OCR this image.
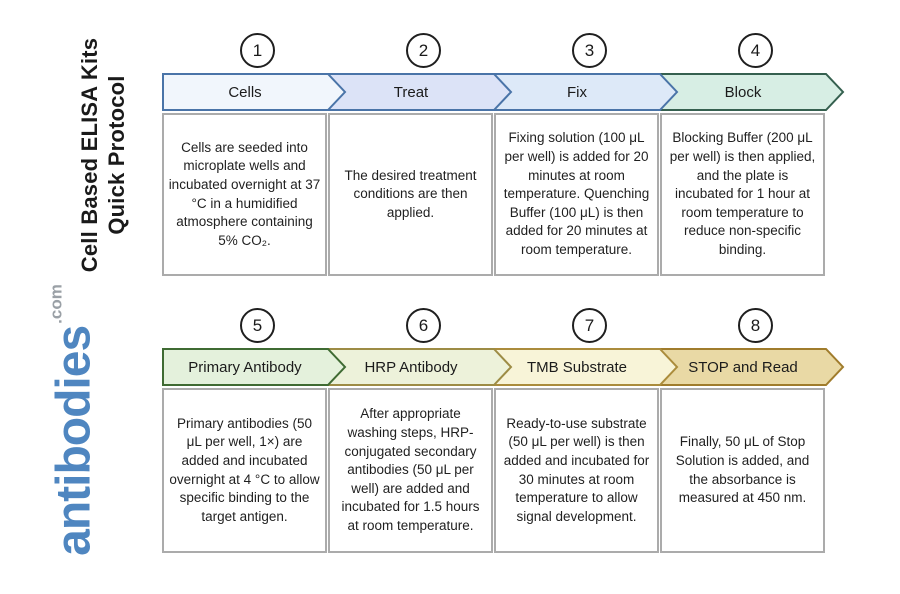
Cell Based ELISA Kits Quick Protocol
antibodies$^{.com}$
1
Cells

Cells are seeded into microplate wells and incubated overnight at 37 °C in a humidified atmosphere containing 5% CO₂.

2
Treat

The desired treatment conditions are then applied.

3
Fix

Fixing solution (100 μL per well) is added for 20 minutes at room temperature. Quenching Buffer (100 μL) is then added for 20 minutes at room temperature.

4
Block

Blocking Buffer (200 μL per well) is then applied, and the plate is incubated for 1 hour at room temperature to reduce non-specific binding.

5
Primary Antibody

Primary antibodies (50 μL per well, 1×) are added and incubated overnight at 4 °C to allow specific binding to the target antigen.

6
HRP Antibody

After appropriate washing steps, HRP-conjugated secondary antibodies (50 μL per well) are added and incubated for 1.5 hours at room temperature.

7
TMB Substrate

Ready-to-use substrate (50 μL per well) is then added and incubated for 30 minutes at room temperature to allow signal development.

8
STOP and Read

Finally, 50 μL of Stop Solution is added, and the absorbance is measured at 450 nm.
